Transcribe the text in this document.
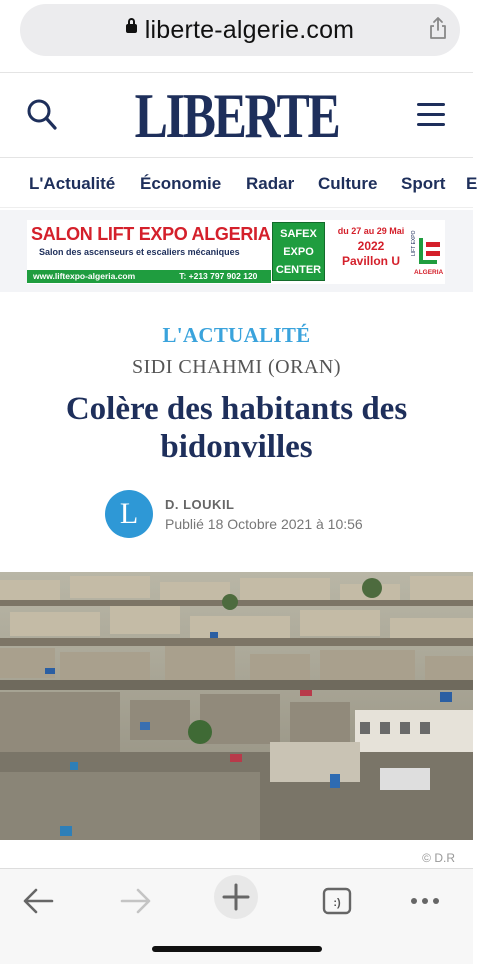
liberte-algerie.com
LIBERTE
L'Actualité Économie Radar Culture Sport E
SALON LIFT EXPO ALGERIA
Salon des ascenseurs et escaliers mécaniques
www.liftexpo-algeria.com	T: +213 797 902 120
SAFEX
EXPO
CENTER
du 27 au 29 Mai
2022
Pavillon U
LIFT EXPO
ALGERIA
L'ACTUALITÉ
SIDI CHAHMI (ORAN)
Colère des habitants des bidonvilles
L	D. LOUKIL
Publié 18 Octobre 2021 à 10:56
© D.R
:)
